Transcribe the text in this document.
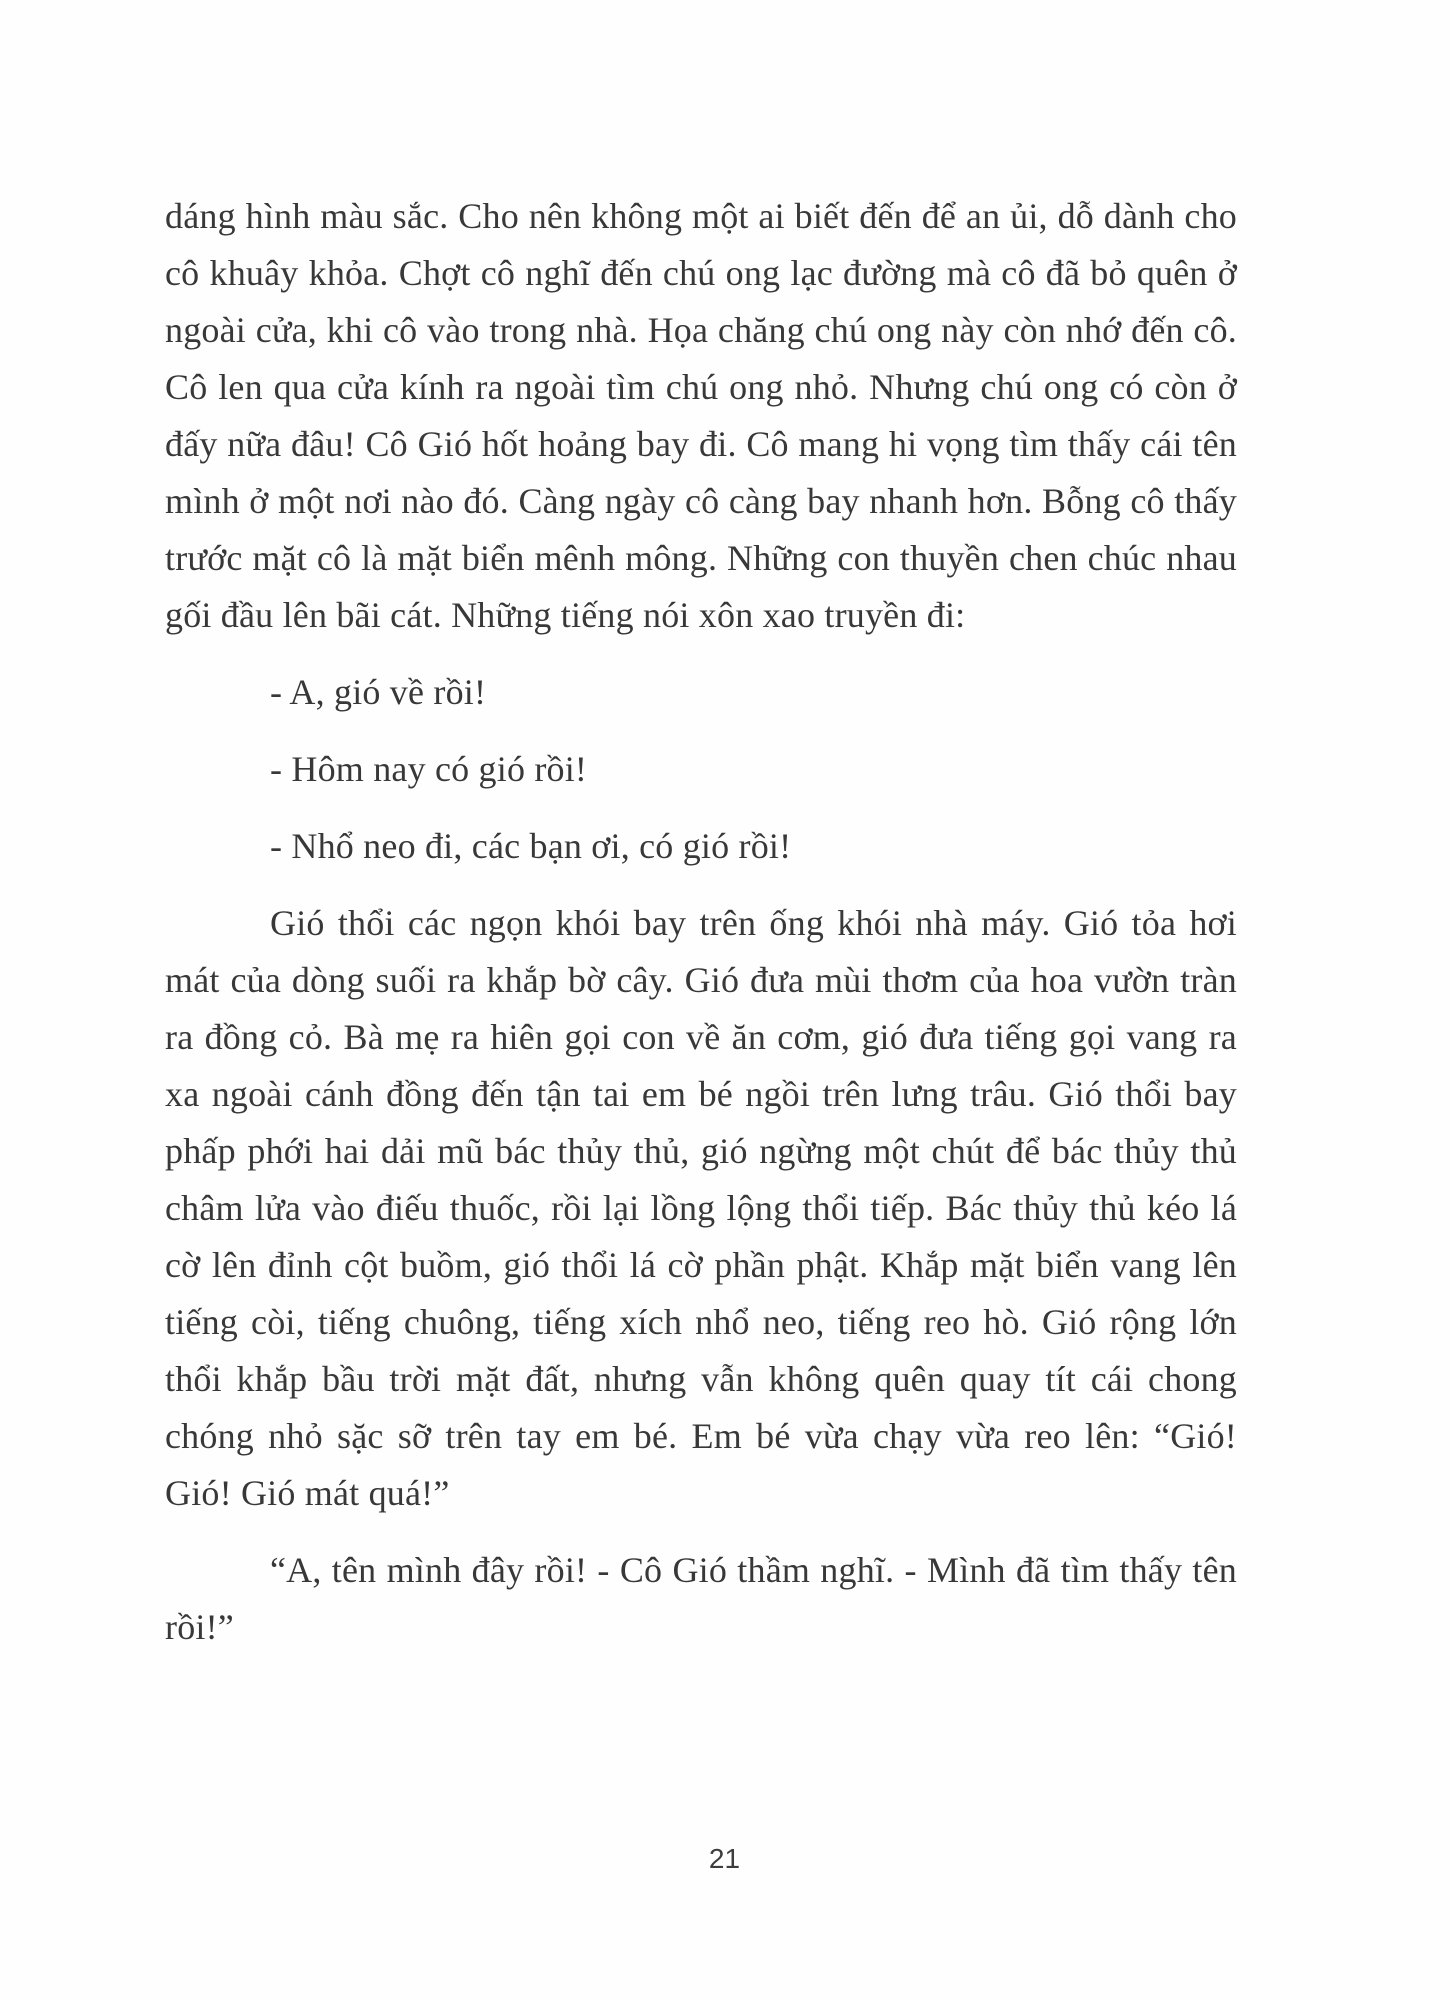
dáng hình màu sắc. Cho nên không một ai biết đến để an ủi, dỗ dành cho cô khuây khỏa. Chợt cô nghĩ đến chú ong lạc đường mà cô đã bỏ quên ở ngoài cửa, khi cô vào trong nhà. Họa chăng chú ong này còn nhớ đến cô. Cô len qua cửa kính ra ngoài tìm chú ong nhỏ. Nhưng chú ong có còn ở đấy nữa đâu! Cô Gió hốt hoảng bay đi. Cô mang hi vọng tìm thấy cái tên mình ở một nơi nào đó. Càng ngày cô càng bay nhanh hơn. Bỗng cô thấy trước mặt cô là mặt biển mênh mông. Những con thuyền chen chúc nhau gối đầu lên bãi cát. Những tiếng nói xôn xao truyền đi:

- A, gió về rồi!

- Hôm nay có gió rồi!

- Nhổ neo đi, các bạn ơi, có gió rồi!

Gió thổi các ngọn khói bay trên ống khói nhà máy. Gió tỏa hơi mát của dòng suối ra khắp bờ cây. Gió đưa mùi thơm của hoa vườn tràn ra đồng cỏ. Bà mẹ ra hiên gọi con về ăn cơm, gió đưa tiếng gọi vang ra xa ngoài cánh đồng đến tận tai em bé ngồi trên lưng trâu. Gió thổi bay phấp phới hai dải mũ bác thủy thủ, gió ngừng một chút để bác thủy thủ châm lửa vào điếu thuốc, rồi lại lồng lộng thổi tiếp. Bác thủy thủ kéo lá cờ lên đỉnh cột buồm, gió thổi lá cờ phần phật. Khắp mặt biển vang lên tiếng còi, tiếng chuông, tiếng xích nhổ neo, tiếng reo hò. Gió rộng lớn thổi khắp bầu trời mặt đất, nhưng vẫn không quên quay tít cái chong chóng nhỏ sặc sỡ trên tay em bé. Em bé vừa chạy vừa reo lên: “Gió! Gió! Gió mát quá!”

“A, tên mình đây rồi! - Cô Gió thầm nghĩ. - Mình đã tìm thấy tên rồi!”

21
